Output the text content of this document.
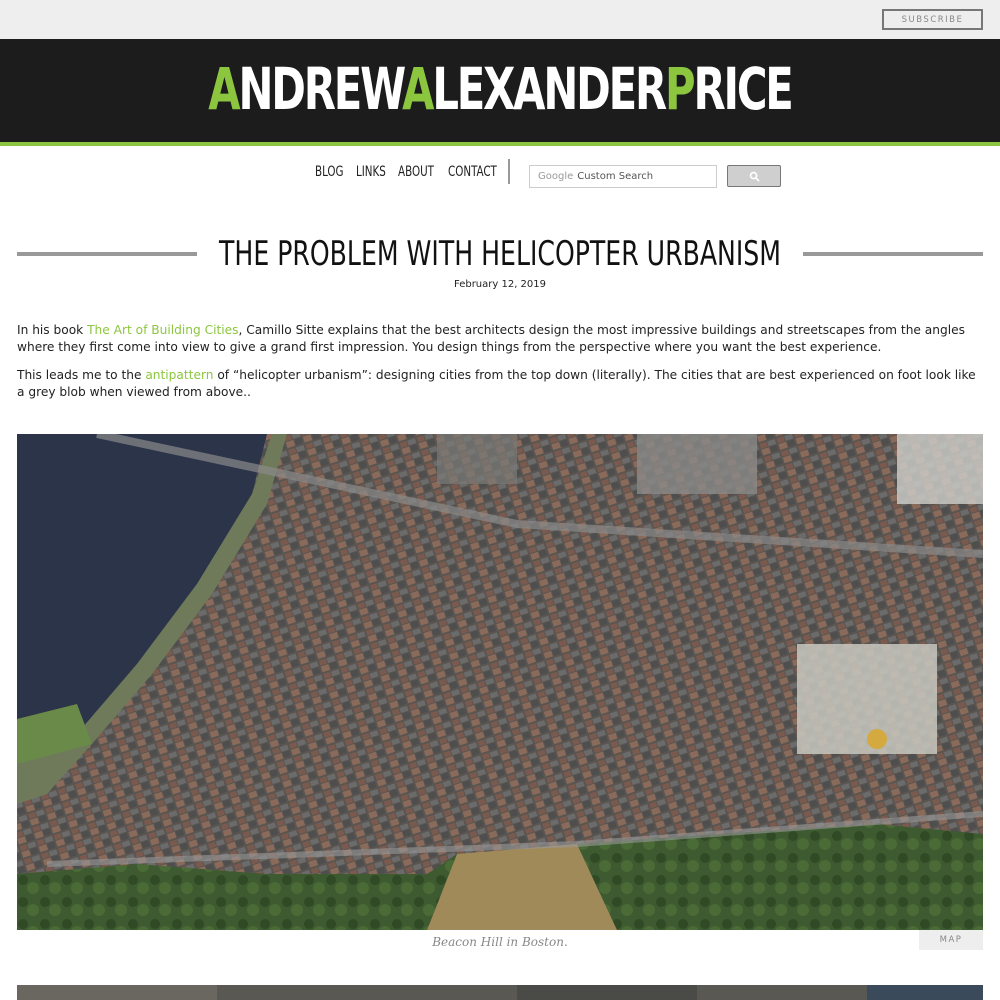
SUBSCRIBE
ANDREWALEXANDERPRICE
BLOG LINKS ABOUT CONTACT	Google Custom Search
THE PROBLEM WITH HELICOPTER URBANISM
February 12, 2019

In his book The Art of Building Cities, Camillo Sitte explains that the best architects design the most impressive buildings and streetscapes from the angles where they first come into view to give a grand first impression. You design things from the perspective where you want the best experience.

This leads me to the antipattern of “helicopter urbanism”: designing cities from the top down (literally). The cities that are best experienced on foot look like a grey blob when viewed from above..

Beacon Hill in Boston.	MAP
